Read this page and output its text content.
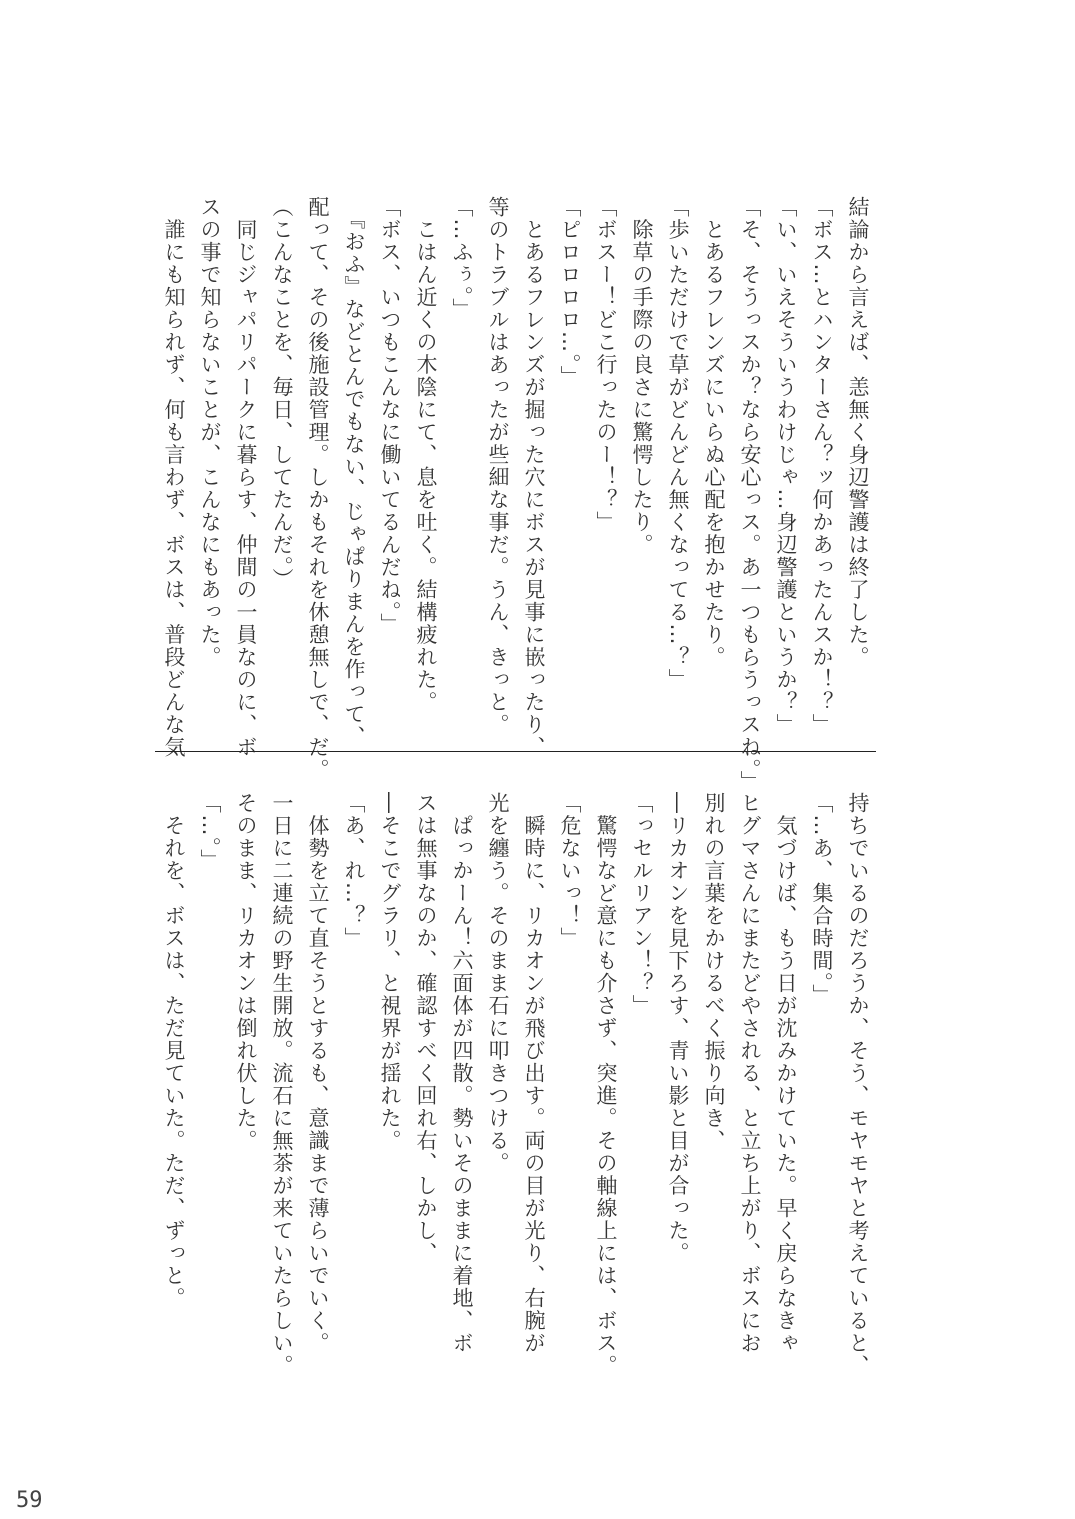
結論から言えば、恙無く身辺警護は終了した。
「ボス…とハンターさん？ッ何かあったんスか！？」
「い、いえそういうわけじゃ…身辺警護というか？」
「そ、そうっスか？なら安心っス。あ一つもらうっスね。」
　とあるフレンズにいらぬ心配を抱かせたり。
「歩いただけで草がどんどん無くなってる…？」
　除草の手際の良さに驚愕したり。
「ボスー！どこ行ったのー！？」
「ピロロロロ…。」
　とあるフレンズが掘った穴にボスが見事に嵌ったり、
等のトラブルはあったが些細な事だ。うん、きっと。
「…ふぅ。」
　こはん近くの木陰にて、息を吐く。結構疲れた。
「ボス、いつもこんなに働いてるんだね。」
　『おふ』などとんでもない、じゃぱりまんを作って、
配って、その後施設管理。しかもそれを休憩無しで、だ。
（こんなことを、毎日、してたんだ。）
　同じジャパリパークに暮らす、仲間の一員なのに、ボ
スの事で知らないことが、こんなにもあった。
　誰にも知られず、何も言わず、ボスは、普段どんな気
持ちでいるのだろうか、そう、モヤモヤと考えていると、
「…あ、集合時間。」
　気づけば、もう日が沈みかけていた。早く戻らなきゃ
ヒグマさんにまたどやされる、と立ち上がり、ボスにお
別れの言葉をかけるべく振り向き、
―リカオンを見下ろす、青い影と目が合った。
「っセルリアン！？」
　驚愕など意にも介さず、突進。その軸線上には、ボス。
「危ないっ！」
　瞬時に、リカオンが飛び出す。両の目が光り、右腕が
光を纏う。そのまま石に叩きつける。
　ぱっかーん！六面体が四散。勢いそのままに着地、ボ
スは無事なのか、確認すべく回れ右、しかし、
―そこでグラリ、と視界が揺れた。
「あ、れ…？」
　体勢を立て直そうとするも、意識まで薄らいでいく。
一日に二連続の野生開放。流石に無茶が来ていたらしい。
そのまま、リカオンは倒れ伏した。
「…。」
　それを、ボスは、ただ見ていた。ただ、ずっと。
59
